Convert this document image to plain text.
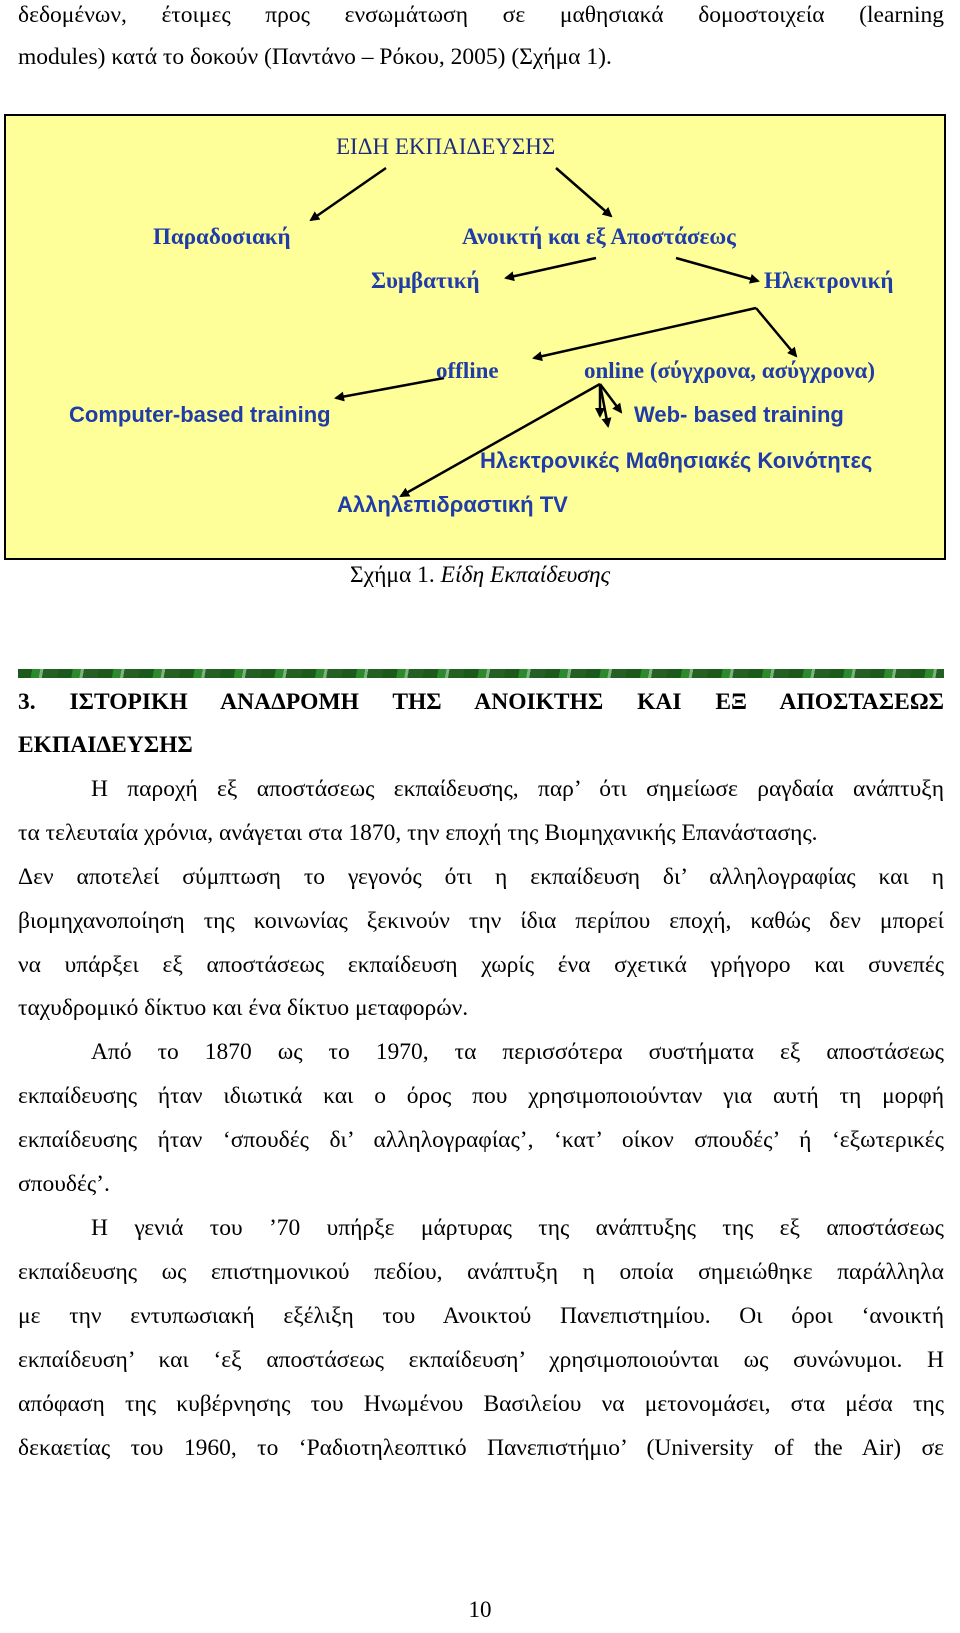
δεδομένων, έτοιμες προς ενσωμάτωση σε μαθησιακά δομοστοιχεία (learning
modules) κατά το δοκούν (Παντάνο – Ρόκου, 2005) (Σχήμα 1).
ΕΙΔΗ ΕΚΠΑΙΔΕΥΣΗΣ
Παραδοσιακή	Ανοικτή και εξ Αποστάσεως
Συμβατική	Ηλεκτρονική
offline	online (σύγχρονα, ασύγχρονα)
Computer-based training	Web- based training
Ηλεκτρονικές Μαθησιακές Κοινότητες
Αλληλεπιδραστική TV
Σχήμα 1. Είδη Εκπαίδευσης
3. ΙΣΤΟΡΙΚΗ ΑΝΑΔΡΟΜΗ ΤΗΣ ΑΝΟΙΚΤΗΣ ΚΑΙ ΕΞ ΑΠΟΣΤΑΣΕΩΣ
ΕΚΠΑΙΔΕΥΣΗΣ
Η παροχή εξ αποστάσεως εκπαίδευσης, παρ’ ότι σημείωσε ραγδαία ανάπτυξη
τα τελευταία χρόνια, ανάγεται στα 1870, την εποχή της Βιομηχανικής Επανάστασης.
Δεν αποτελεί σύμπτωση το γεγονός ότι η εκπαίδευση δι’ αλληλογραφίας και η
βιομηχανοποίηση της κοινωνίας ξεκινούν την ίδια περίπου εποχή, καθώς δεν μπορεί
να υπάρξει εξ αποστάσεως εκπαίδευση χωρίς ένα σχετικά γρήγορο και συνεπές
ταχυδρομικό δίκτυο και ένα δίκτυο μεταφορών.
Από το 1870 ως το 1970, τα περισσότερα συστήματα εξ αποστάσεως
εκπαίδευσης ήταν ιδιωτικά και ο όρος που χρησιμοποιούνταν για αυτή τη μορφή
εκπαίδευσης ήταν ‘σπουδές δι’ αλληλογραφίας’, ‘κατ’ οίκον σπουδές’ ή ‘εξωτερικές
σπουδές’.
Η γενιά του ’70 υπήρξε μάρτυρας της ανάπτυξης της εξ αποστάσεως
εκπαίδευσης ως επιστημονικού πεδίου, ανάπτυξη η οποία σημειώθηκε παράλληλα
με την εντυπωσιακή εξέλιξη του Ανοικτού Πανεπιστημίου. Οι όροι ‘ανοικτή
εκπαίδευση’ και ‘εξ αποστάσεως εκπαίδευση’ χρησιμοποιούνται ως συνώνυμοι. Η
απόφαση της κυβέρνησης του Ηνωμένου Βασιλείου να μετονομάσει, στα μέσα της
δεκαετίας του 1960, το ‘Ραδιοτηλεοπτικό Πανεπιστήμιο’ (University of the Air) σε
10
